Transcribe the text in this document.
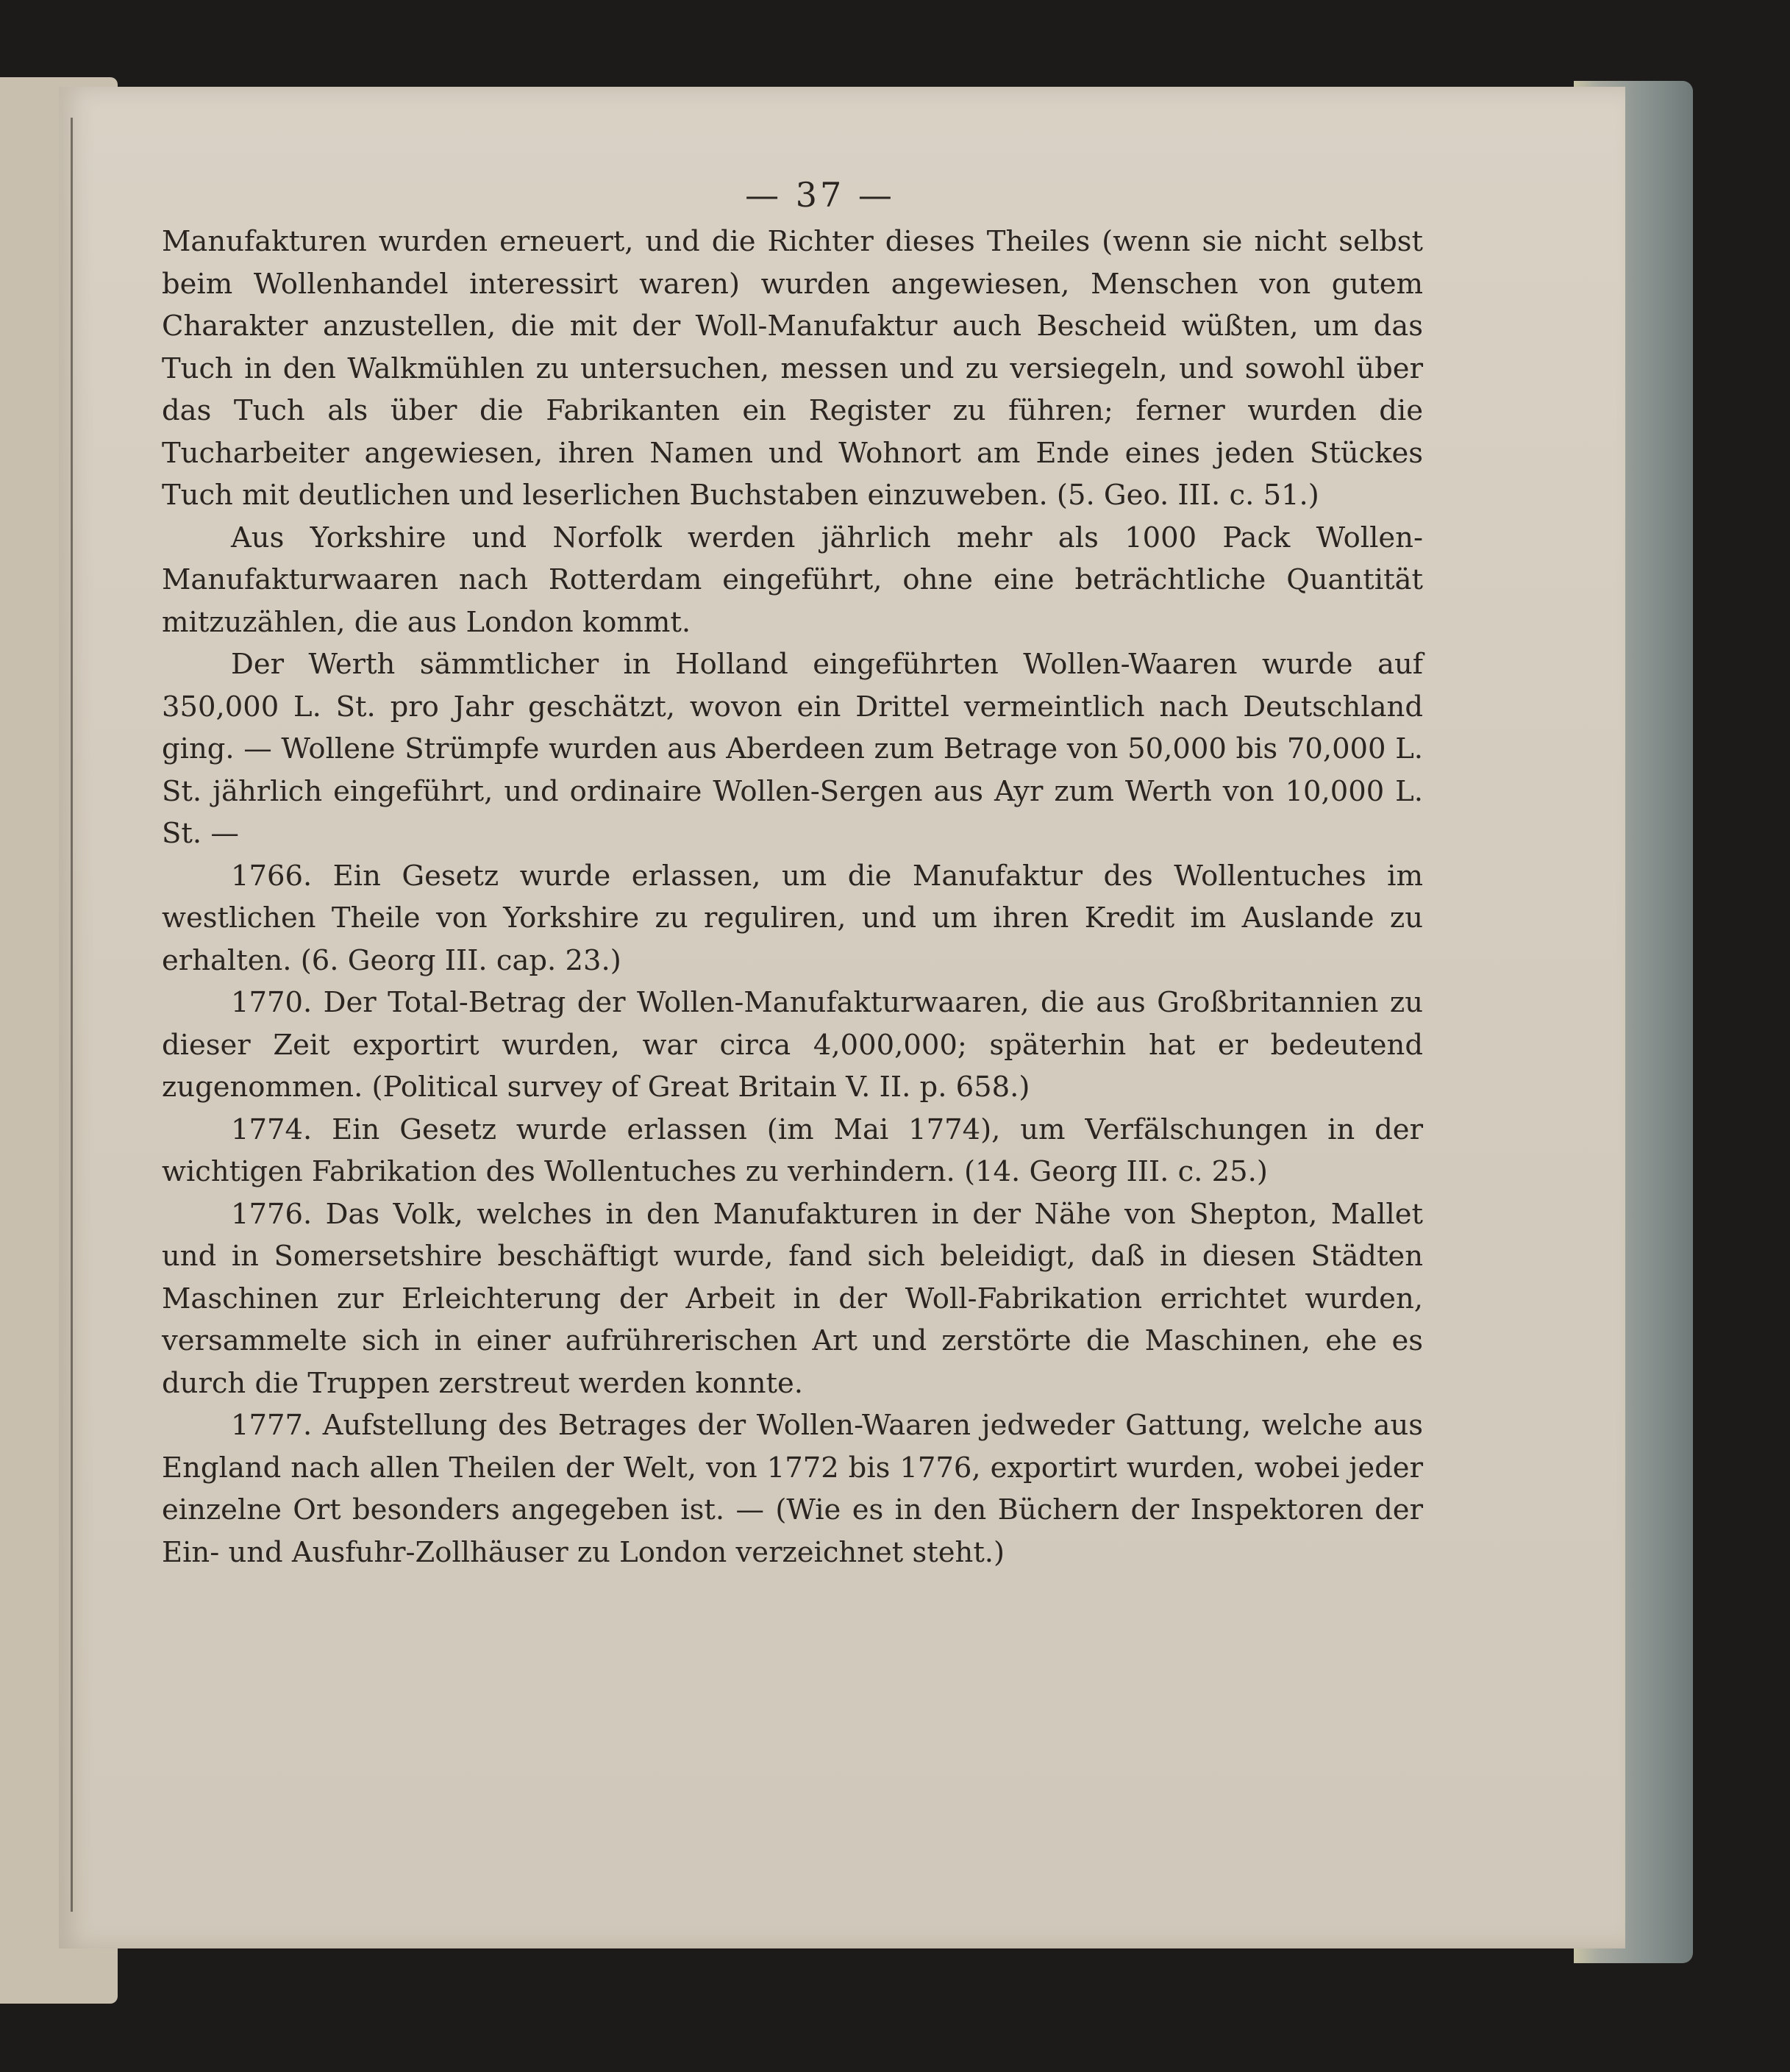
— 37 —

Manufakturen wurden erneuert, und die Richter dieses Theiles (wenn sie nicht selbst beim Wollenhandel interessirt waren) wurden angewiesen, Menschen von gutem Charakter anzustellen, die mit der Woll-Manufaktur auch Bescheid wüßten, um das Tuch in den Walkmühlen zu untersuchen, messen und zu versiegeln, und sowohl über das Tuch als über die Fabrikanten ein Register zu führen; ferner wurden die Tucharbeiter angewiesen, ihren Namen und Wohnort am Ende eines jeden Stückes Tuch mit deutlichen und leserlichen Buchstaben einzuweben. (5. Geo. III. c. 51.)

Aus Yorkshire und Norfolk werden jährlich mehr als 1000 Pack Wollen-Manufakturwaaren nach Rotterdam eingeführt, ohne eine beträchtliche Quantität mitzuzählen, die aus London kommt.

Der Werth sämmtlicher in Holland eingeführten Wollen-Waaren wurde auf 350,000 L. St. pro Jahr geschätzt, wovon ein Drittel vermeintlich nach Deutschland ging. — Wollene Strümpfe wurden aus Aberdeen zum Betrage von 50,000 bis 70,000 L. St. jährlich eingeführt, und ordinaire Wollen-Sergen aus Ayr zum Werth von 10,000 L. St. —

1766. Ein Gesetz wurde erlassen, um die Manufaktur des Wollentuches im westlichen Theile von Yorkshire zu reguliren, und um ihren Kredit im Auslande zu erhalten. (6. Georg III. cap. 23.)

1770. Der Total-Betrag der Wollen-Manufakturwaaren, die aus Großbritannien zu dieser Zeit exportirt wurden, war circa 4,000,000; späterhin hat er bedeutend zugenommen. (Political survey of Great Britain V. II. p. 658.)

1774. Ein Gesetz wurde erlassen (im Mai 1774), um Verfälschungen in der wichtigen Fabrikation des Wollentuches zu verhindern. (14. Georg III. c. 25.)

1776. Das Volk, welches in den Manufakturen in der Nähe von Shepton, Mallet und in Somersetshire beschäftigt wurde, fand sich beleidigt, daß in diesen Städten Maschinen zur Erleichterung der Arbeit in der Woll-Fabrikation errichtet wurden, versammelte sich in einer aufrührerischen Art und zerstörte die Maschinen, ehe es durch die Truppen zerstreut werden konnte.

1777. Aufstellung des Betrages der Wollen-Waaren jedweder Gattung, welche aus England nach allen Theilen der Welt, von 1772 bis 1776, exportirt wurden, wobei jeder einzelne Ort besonders angegeben ist. — (Wie es in den Büchern der Inspektoren der Ein- und Ausfuhr-Zollhäuser zu London verzeichnet steht.)
